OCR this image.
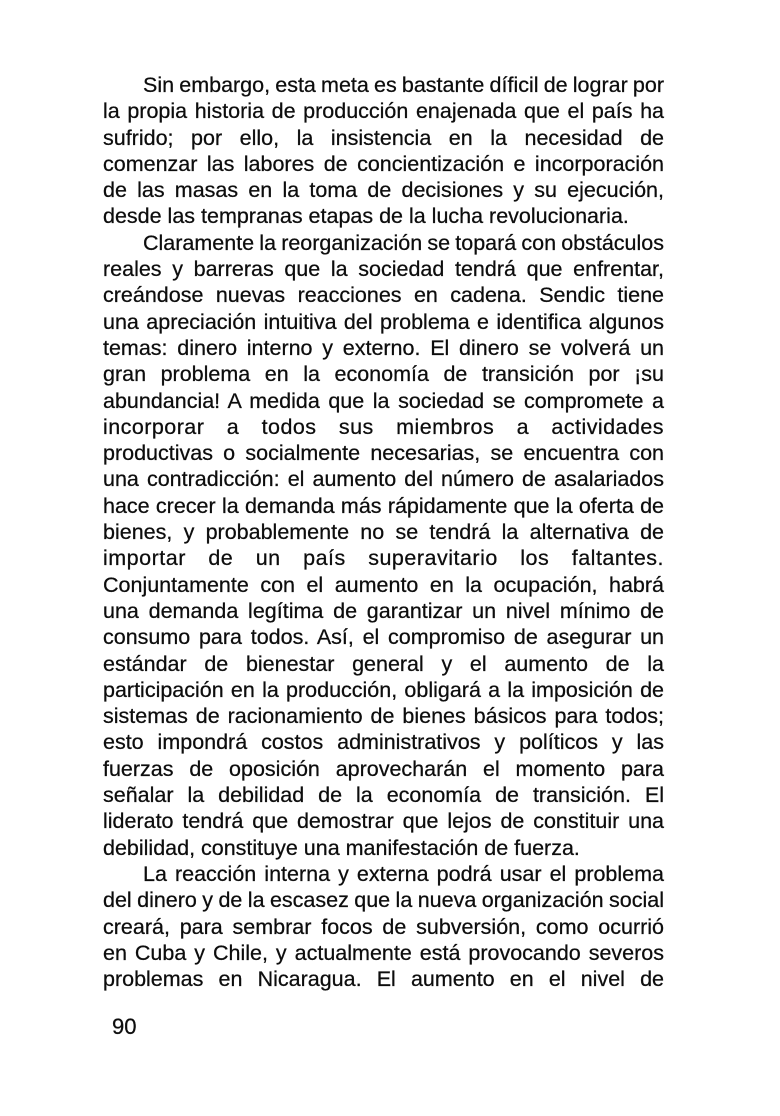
Sin embargo, esta meta es bastante díficil de lograr por
la propia historia de producción enajenada que el país ha
sufrido; por ello, la insistencia en la necesidad de
comenzar las labores de concientización e incorporación
de las masas en la toma de decisiones y su ejecución,
desde las tempranas etapas de la lucha revolucionaria.
Claramente la reorganización se topará con obstáculos
reales y barreras que la sociedad tendrá que enfrentar,
creándose nuevas reacciones en cadena. Sendic tiene
una apreciación intuitiva del problema e identifica algunos
temas: dinero interno y externo. El dinero se volverá un
gran problema en la economía de transición por ¡su
abundancia! A medida que la sociedad se compromete a
incorporar a todos sus miembros a actividades
productivas o socialmente necesarias, se encuentra con
una contradicción: el aumento del número de asalariados
hace crecer la demanda más rápidamente que la oferta de
bienes, y probablemente no se tendrá la alternativa de
importar de un país superavitario los faltantes.
Conjuntamente con el aumento en la ocupación, habrá
una demanda legítima de garantizar un nivel mínimo de
consumo para todos. Así, el compromiso de asegurar un
estándar de bienestar general y el aumento de la
participación en la producción, obligará a la imposición de
sistemas de racionamiento de bienes básicos para todos;
esto impondrá costos administrativos y políticos y las
fuerzas de oposición aprovecharán el momento para
señalar la debilidad de la economía de transición. El
liderato tendrá que demostrar que lejos de constituir una
debilidad, constituye una manifestación de fuerza.
La reacción interna y externa podrá usar el problema
del dinero y de la escasez que la nueva organización social
creará, para sembrar focos de subversión, como ocurrió
en Cuba y Chile, y actualmente está provocando severos
problemas en Nicaragua. El aumento en el nivel de
90
